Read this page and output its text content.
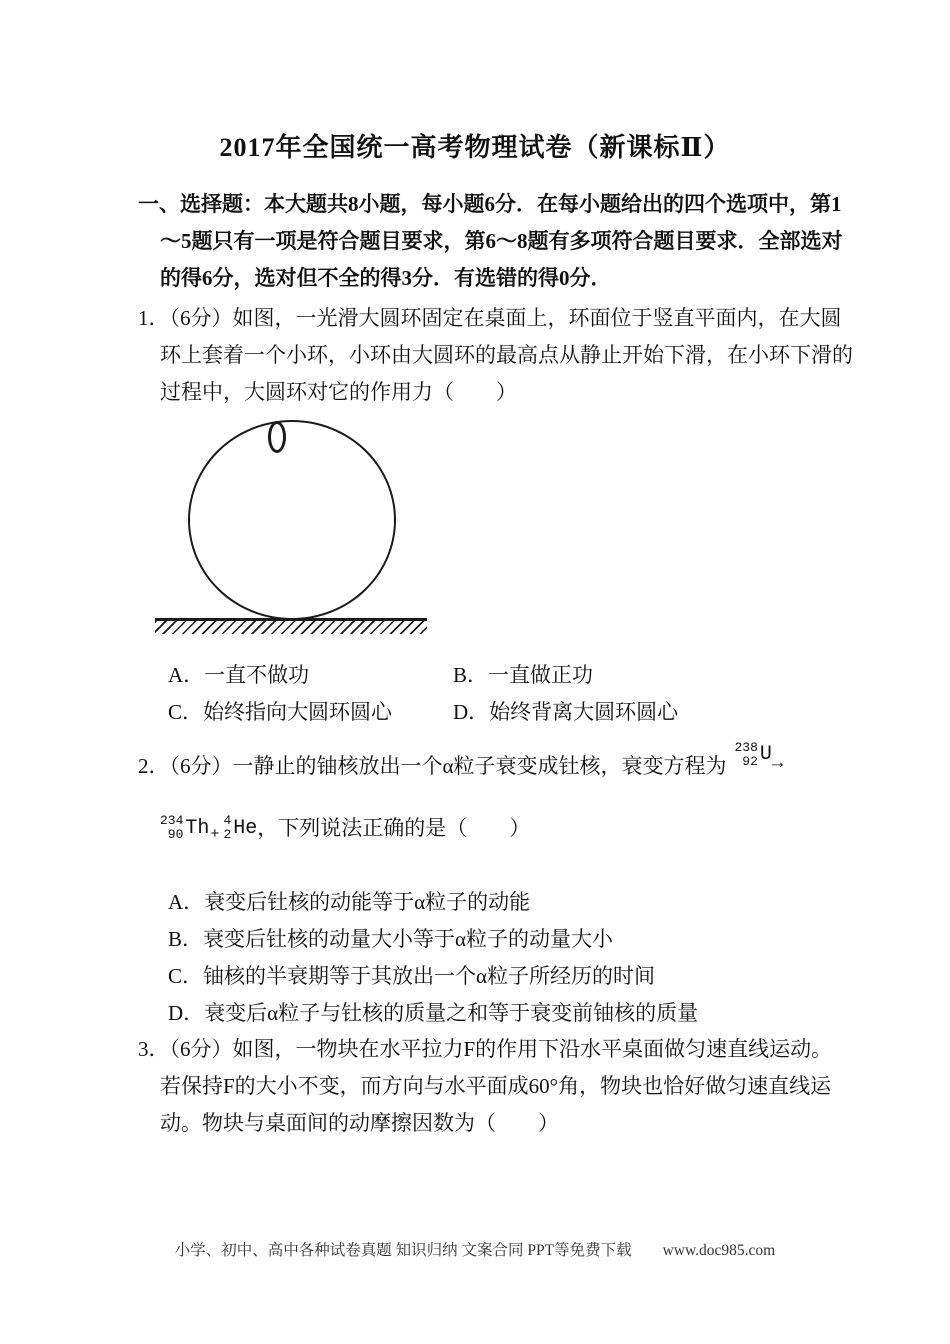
2017年全国统一高考物理试卷（新课标Ⅱ）
一、选择题：本大题共8小题，每小题6分．在每小题给出的四个选项中，第1
～5题只有一项是符合题目要求，第6～8题有多项符合题目要求．全部选对
的得6分，选对但不全的得3分．有选错的得0分．
1．（6分）如图，一光滑大圆环固定在桌面上，环面位于竖直平面内，在大圆
环上套着一个小环，小环由大圆环的最高点从静止开始下滑，在小环下滑的
过程中，大圆环对它的作用力（　　）
A．一直不做功	B．一直做正功
C．始终指向大圆环圆心	D．始终背离大圆环圆心
2．（6分）一静止的铀核放出一个α粒子衰变成钍核，衰变方程为
238
92 U →
234
90 Th +
4
2 He ，下列说法正确的是（　　）
A．衰变后钍核的动能等于α粒子的动能
B．衰变后钍核的动量大小等于α粒子的动量大小
C．铀核的半衰期等于其放出一个α粒子所经历的时间
D．衰变后α粒子与钍核的质量之和等于衰变前铀核的质量
3．（6分）如图，一物块在水平拉力F的作用下沿水平桌面做匀速直线运动。
若保持F的大小不变，而方向与水平面成60°角，物块也恰好做匀速直线运
动。物块与桌面间的动摩擦因数为（　　）
小学、初中、高中各种试卷真题 知识归纳 文案合同 PPT等免费下载　　www.doc985.com
